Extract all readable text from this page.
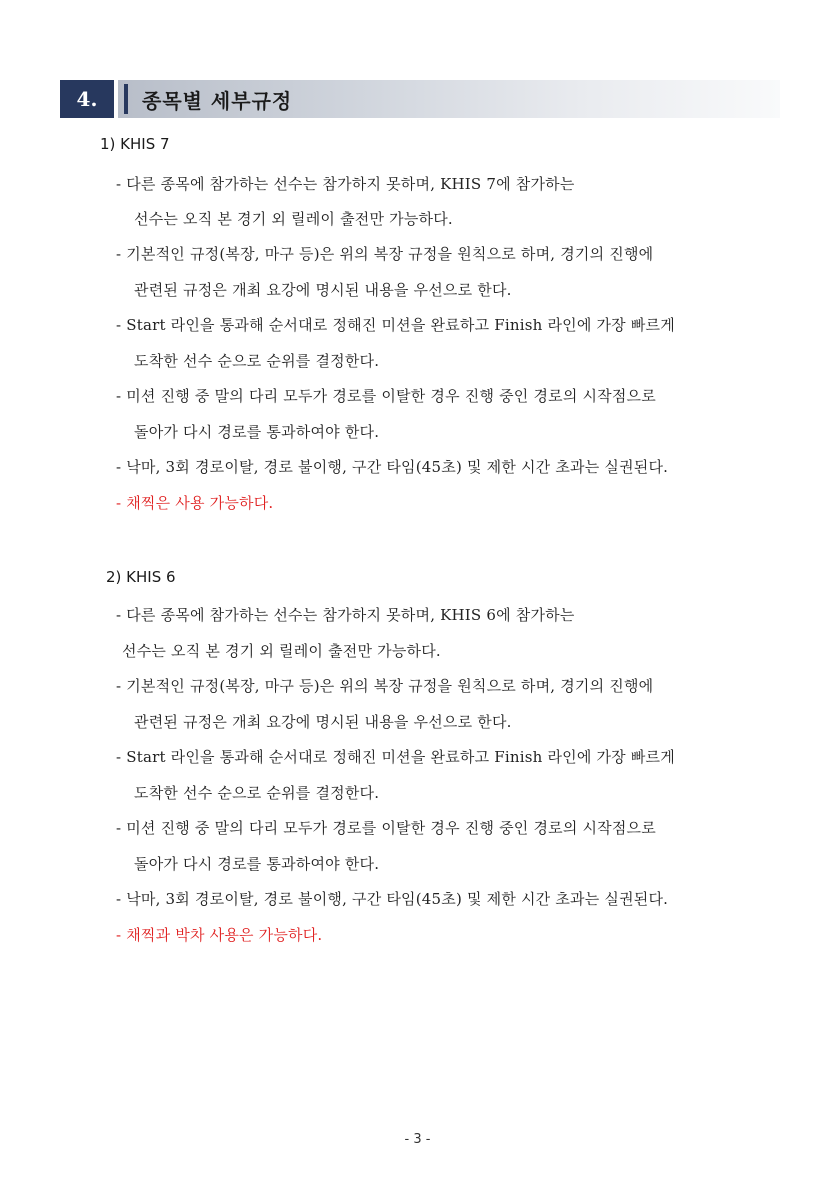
4.	종목별 세부규정
1) KHIS 7
- 다른 종목에 참가하는 선수는 참가하지 못하며, KHIS 7에 참가하는
선수는 오직 본 경기 외 릴레이 출전만 가능하다.
- 기본적인 규정(복장, 마구 등)은 위의 복장 규정을 원칙으로 하며, 경기의 진행에
관련된 규정은 개최 요강에 명시된 내용을 우선으로 한다.
- Start 라인을 통과해 순서대로 정해진 미션을 완료하고 Finish 라인에 가장 빠르게
도착한 선수 순으로 순위를 결정한다.
- 미션 진행 중 말의 다리 모두가 경로를 이탈한 경우 진행 중인 경로의 시작점으로
돌아가 다시 경로를 통과하여야 한다.
- 낙마, 3회 경로이탈, 경로 불이행, 구간 타임(45초) 및 제한 시간 초과는 실권된다.
- 채찍은 사용 가능하다.
2) KHIS 6
- 다른 종목에 참가하는 선수는 참가하지 못하며, KHIS 6에 참가하는
선수는 오직 본 경기 외 릴레이 출전만 가능하다.
- 기본적인 규정(복장, 마구 등)은 위의 복장 규정을 원칙으로 하며, 경기의 진행에
관련된 규정은 개최 요강에 명시된 내용을 우선으로 한다.
- Start 라인을 통과해 순서대로 정해진 미션을 완료하고 Finish 라인에 가장 빠르게
도착한 선수 순으로 순위를 결정한다.
- 미션 진행 중 말의 다리 모두가 경로를 이탈한 경우 진행 중인 경로의 시작점으로
돌아가 다시 경로를 통과하여야 한다.
- 낙마, 3회 경로이탈, 경로 불이행, 구간 타임(45초) 및 제한 시간 초과는 실권된다.
- 채찍과 박차 사용은 가능하다.
- 3 -
